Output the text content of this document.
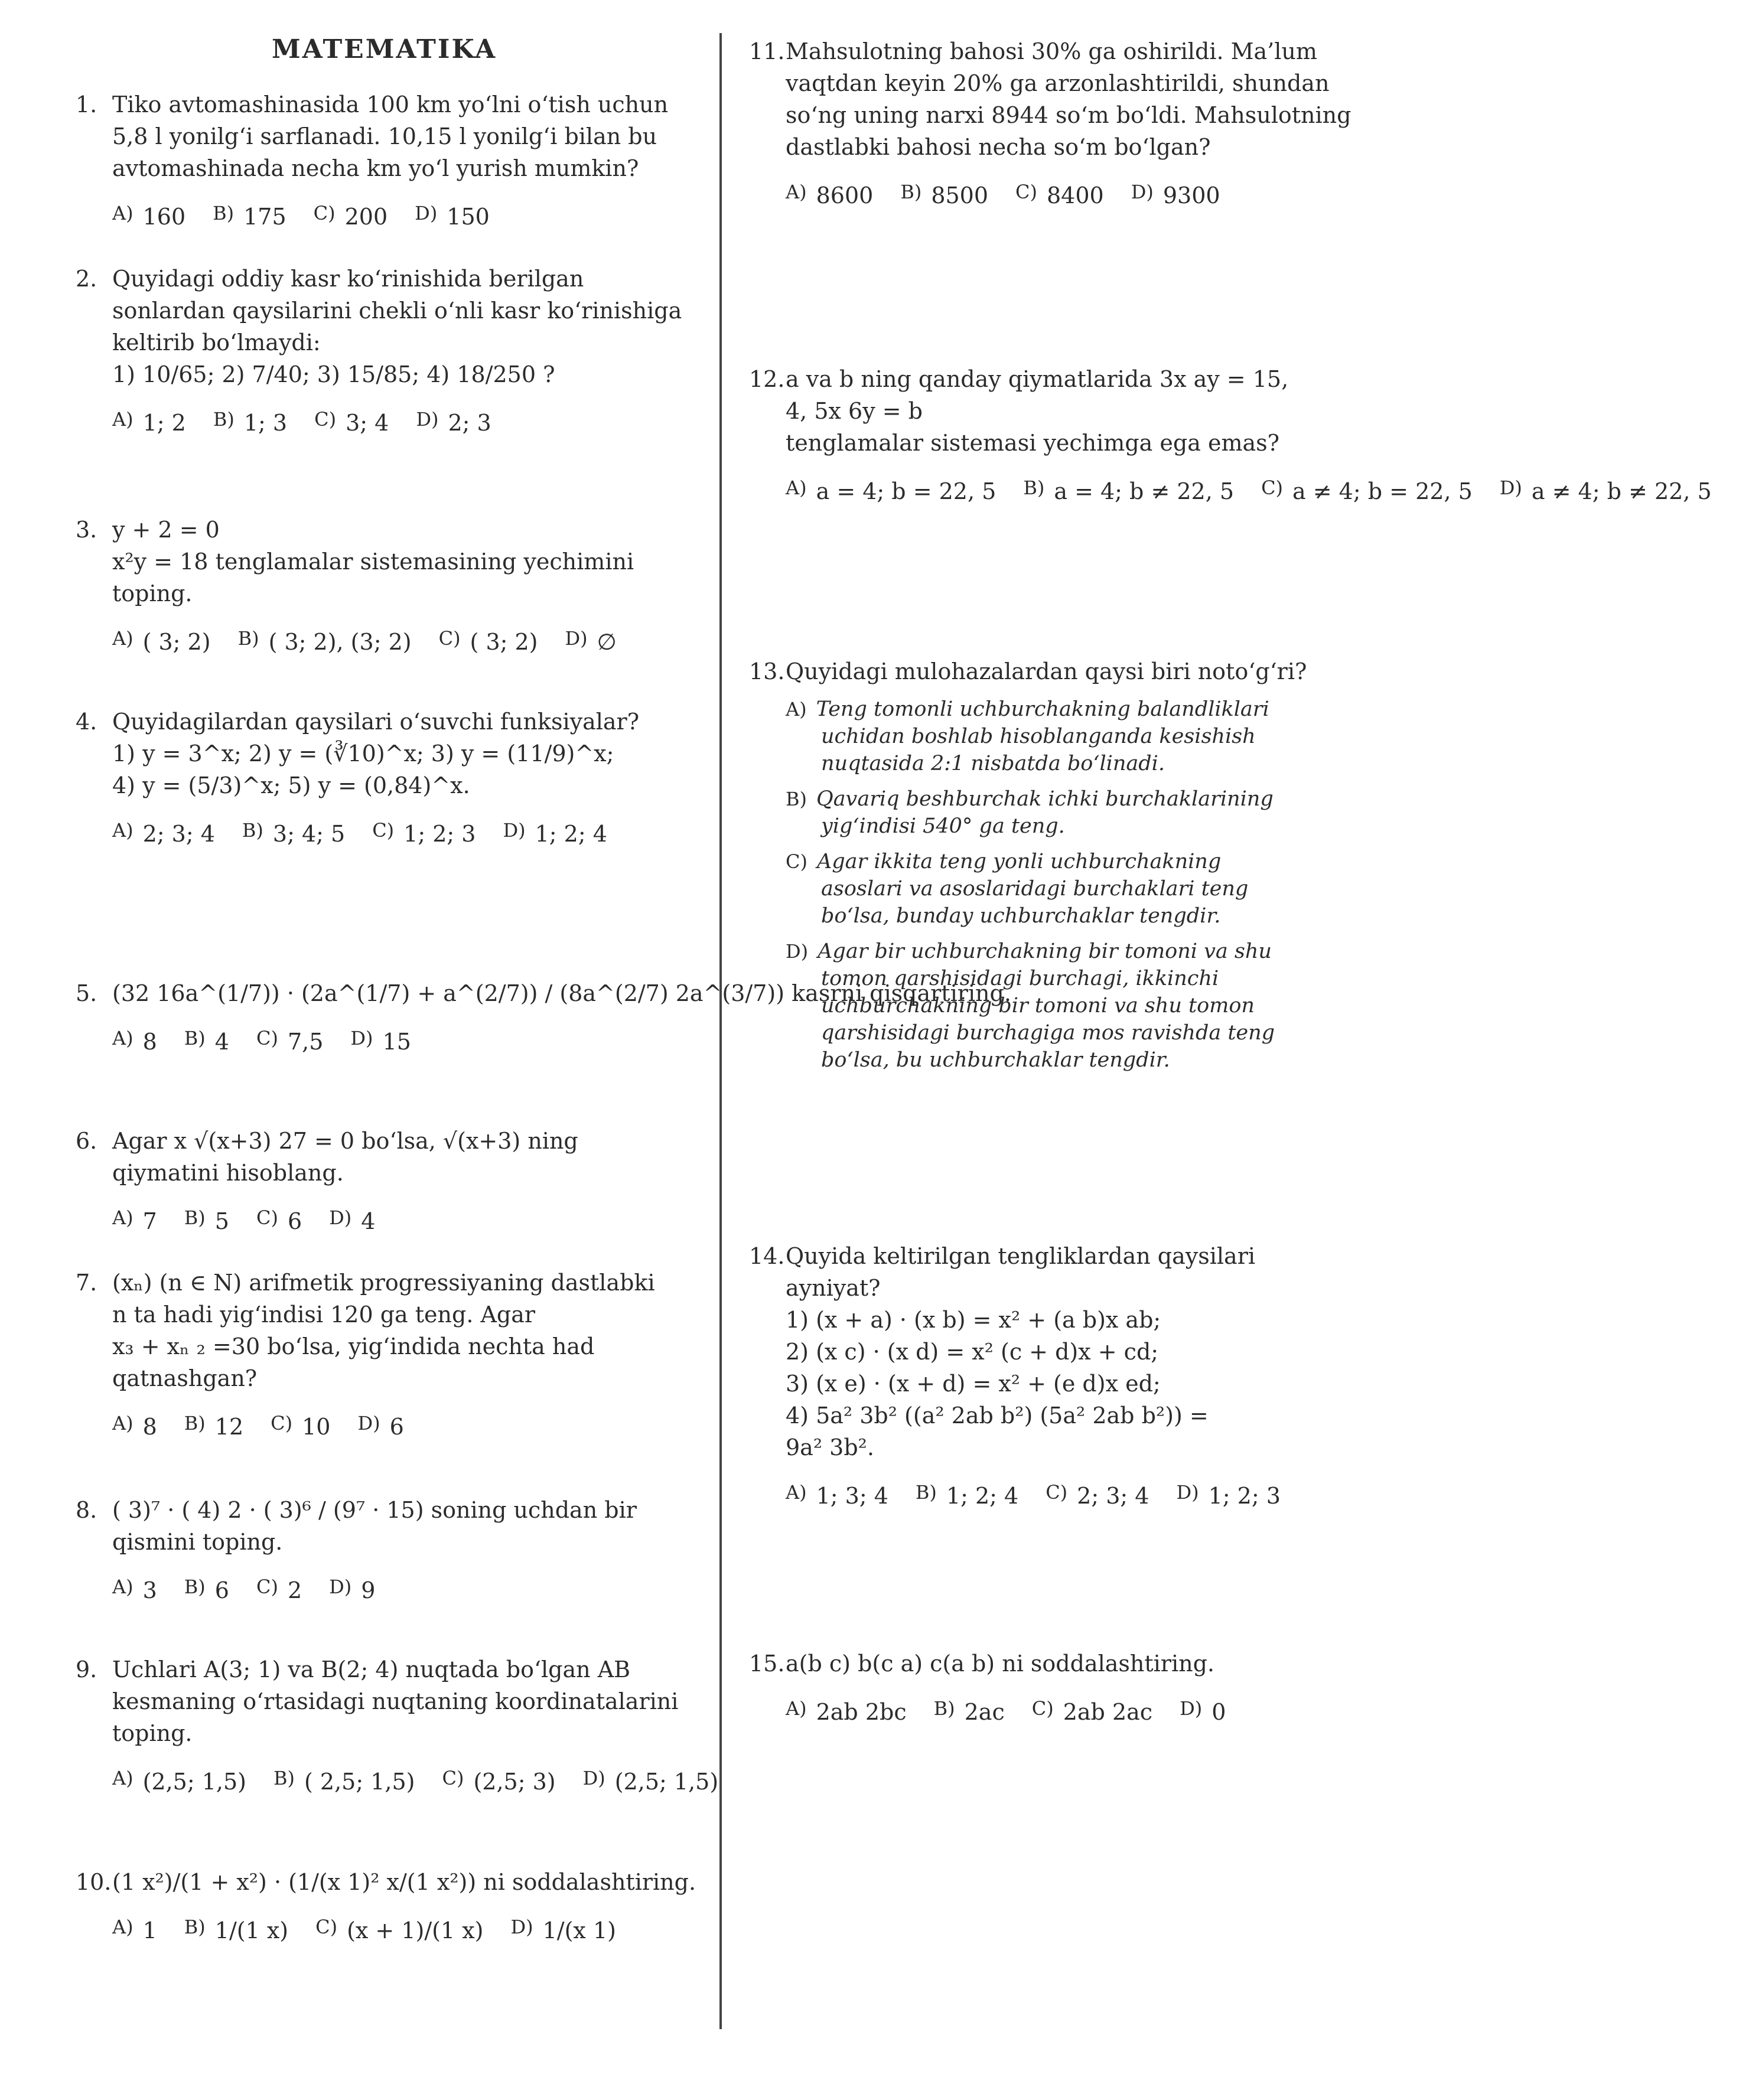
MATEMATIKA
1. Tiko avtomashinasida 100 km yo‘lni o‘tish uchun
5,8 l yonilg‘i sarflanadi. 10,15 l yonilg‘i bilan bu
avtomashinada necha km yo‘l yurish mumkin?
$^{A)}$ 160 $^{B)}$ 175 $^{C)}$ 200 $^{D)}$ 150
2. Quyidagi oddiy kasr ko‘rinishida berilgan
sonlardan qaysilarini chekli o‘nli kasr ko‘rinishiga
keltirib bo‘lmaydi:
1) 10/65; 2) 7/40; 3) 15/85; 4) 18/250 ?
$^{A)}$ 1; 2 $^{B)}$ 1; 3 $^{C)}$ 3; 4 $^{D)}$ 2; 3
3. y + 2 = 0
x²y = 18 tenglamalar sistemasining yechimini
toping.
$^{A)}$ ( 3; 2) $^{B)}$ ( 3; 2), (3; 2) $^{C)}$ ( 3; 2) $^{D)}$ ∅
4. Quyidagilardan qaysilari o‘suvchi funksiyalar?
1) y = 3^x; 2) y = (∛10)^x; 3) y = (11/9)^x;
4) y = (5/3)^x; 5) y = (0,84)^x.
$^{A)}$ 2; 3; 4 $^{B)}$ 3; 4; 5 $^{C)}$ 1; 2; 3 $^{D)}$ 1; 2; 4
5. (32 16a^(1/7)) · (2a^(1/7) + a^(2/7)) / (8a^(2/7) 2a^(3/7)) kasrni qisqartiring.
$^{A)}$ 8 $^{B)}$ 4 $^{C)}$ 7,5 $^{D)}$ 15
6. Agar x √(x+3) 27 = 0 bo‘lsa, √(x+3) ning
qiymatini hisoblang.
$^{A)}$ 7 $^{B)}$ 5 $^{C)}$ 6 $^{D)}$ 4
7. (xₙ) (n ∈ N) arifmetik progressiyaning dastlabki
n ta hadi yig‘indisi 120 ga teng. Agar
x₃ + xₙ ₂ =30 bo‘lsa, yig‘indida nechta had
qatnashgan?
$^{A)}$ 8 $^{B)}$ 12 $^{C)}$ 10 $^{D)}$ 6
8. ( 3)⁷ · ( 4) 2 · ( 3)⁶ / (9⁷ · 15) soning uchdan bir
qismini toping.
$^{A)}$ 3 $^{B)}$ 6 $^{C)}$ 2 $^{D)}$ 9
9. Uchlari A(3; 1) va B(2; 4) nuqtada bo‘lgan AB
kesmaning o‘rtasidagi nuqtaning koordinatalarini
toping.
$^{A)}$ (2,5; 1,5) $^{B)}$ ( 2,5; 1,5) $^{C)}$ (2,5; 3) $^{D)}$ (2,5; 1,5)
10. (1 x²)/(1 + x²) · (1/(x 1)² x/(1 x²)) ni soddalashtiring.
$^{A)}$ 1 $^{B)}$ 1/(1 x) $^{C)}$ (x + 1)/(1 x) $^{D)}$ 1/(x 1)
11. Mahsulotning bahosi 30% ga oshirildi. Ma’lum
vaqtdan keyin 20% ga arzonlashtirildi, shundan
so‘ng uning narxi 8944 so‘m bo‘ldi. Mahsulotning
dastlabki bahosi necha so‘m bo‘lgan?
$^{A)}$ 8600 $^{B)}$ 8500 $^{C)}$ 8400 $^{D)}$ 9300
12. a va b ning qanday qiymatlarida 3x ay = 15,
4, 5x 6y = b
tenglamalar sistemasi yechimga ega emas?
$^{A)}$ a = 4; b = 22, 5 $^{B)}$ a = 4; b ≠ 22, 5 $^{C)}$ a ≠ 4; b = 22, 5 $^{D)}$ a ≠ 4; b ≠ 22, 5
13. Quyidagi mulohazalardan qaysi biri noto‘g‘ri?
A) Teng tomonli uchburchakning balandliklari
uchidan boshlab hisoblanganda kesishish
nuqtasida 2:1 nisbatda bo‘linadi.
B) Qavariq beshburchak ichki burchaklarining
yig‘indisi 540° ga teng.
C) Agar ikkita teng yonli uchburchakning
asoslari va asoslaridagi burchaklari teng
bo‘lsa, bunday uchburchaklar tengdir.
D) Agar bir uchburchakning bir tomoni va shu
tomon qarshisidagi burchagi, ikkinchi
uchburchakning bir tomoni va shu tomon
qarshisidagi burchagiga mos ravishda teng
bo‘lsa, bu uchburchaklar tengdir.
14. Quyida keltirilgan tengliklardan qaysilari
ayniyat?
1) (x + a) · (x b) = x² + (a b)x ab;
2) (x c) · (x d) = x² (c + d)x + cd;
3) (x e) · (x + d) = x² + (e d)x ed;
4) 5a² 3b² ((a² 2ab b²) (5a² 2ab b²)) =
9a² 3b².
$^{A)}$ 1; 3; 4 $^{B)}$ 1; 2; 4 $^{C)}$ 2; 3; 4 $^{D)}$ 1; 2; 3
15. a(b c) b(c a) c(a b) ni soddalashtiring.
$^{A)}$ 2ab 2bc $^{B)}$ 2ac $^{C)}$ 2ab 2ac $^{D)}$ 0
